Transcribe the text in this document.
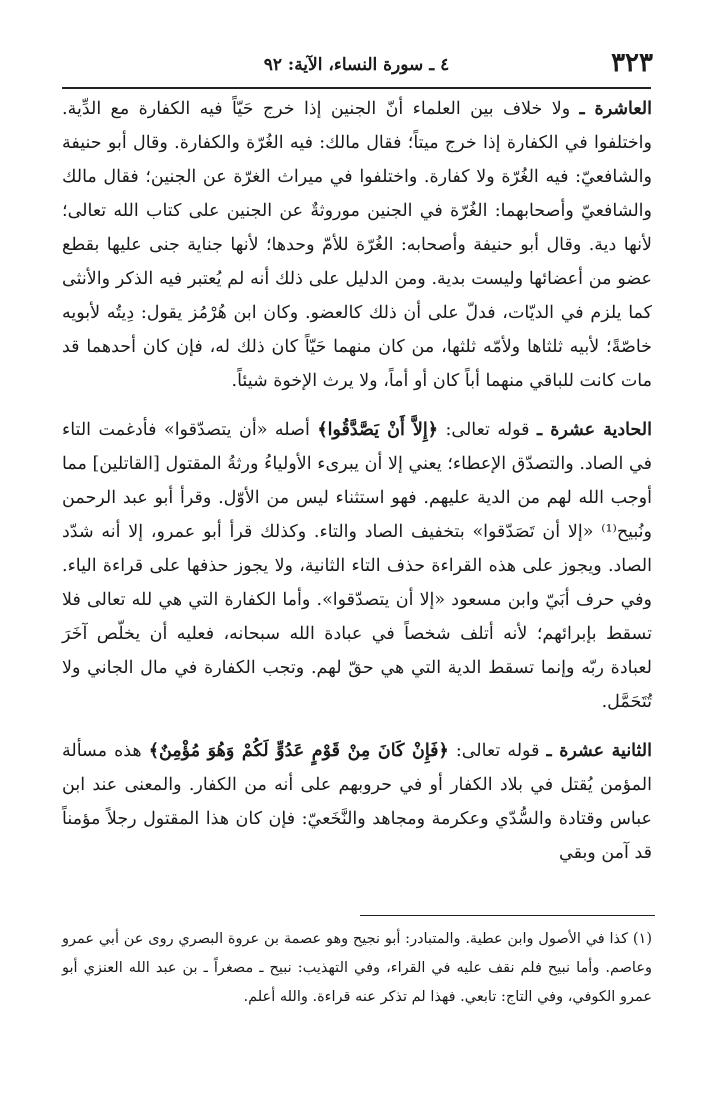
٣٢٣
٤ ـ سورة النساء، الآية: ٩٢

العاشرة ـ ولا خلاف بين العلماء أنّ الجنين إذا خرج حَيّاً فيه الكفارة مع الدِّية. واختلفوا في الكفارة إذا خرج ميتاً؛ فقال مالك: فيه الغُرّة والكفارة. وقال أبو حنيفة والشافعيّ: فيه الغُرّة ولا كفارة. واختلفوا في ميراث الغرّة عن الجنين؛ فقال مالك والشافعيّ وأصحابهما: الغُرّة في الجنين موروثةٌ عن الجنين على كتاب الله تعالى؛ لأنها دية. وقال أبو حنيفة وأصحابه: الغُرّة للأمّ وحدها؛ لأنها جناية جنى عليها بقطع عضو من أعضائها وليست بدية. ومن الدليل على ذلك أنه لم يُعتبر فيه الذكر والأنثى كما يلزم في الديّات، فدلّ على أن ذلك كالعضو. وكان ابن هُرْمُز يقول: دِيتُه لأبويه خاصّةً؛ لأبيه ثلثاها ولأمّه ثلثها، من كان منهما حَيّاً كان ذلك له، فإن كان أحدهما قد مات كانت للباقي منهما أباً كان أو أماً، ولا يرث الإخوة شيئاً.

الحادية عشرة ـ قوله تعالى: ﴿إِلاَّ أَنْ يَصَّدَّقُوا﴾ أصله «أن يتصدّقوا» فأدغمت التاء في الصاد. والتصدّق الإعطاء؛ يعني إلا أن يبرىء الأولياءُ ورثةُ المقتول [القاتلين] مما أوجب الله لهم من الدية عليهم. فهو استثناء ليس من الأوّل. وقرأ أبو عبد الرحمن ونُبيح⁽¹⁾ «إلا أن تَصَدّقوا» بتخفيف الصاد والتاء. وكذلك قرأ أبو عمرو، إلا أنه شدّد الصاد. ويجوز على هذه القراءة حذف التاء الثانية، ولا يجوز حذفها على قراءة الياء. وفي حرف أبَيّ وابن مسعود «إلا أن يتصدّقوا». وأما الكفارة التي هي لله تعالى فلا تسقط بإبرائهم؛ لأنه أتلف شخصاً في عبادة الله سبحانه، فعليه أن يخلّص آخَرَ لعبادة ربّه وإنما تسقط الدية التي هي حقّ لهم. وتجب الكفارة في مال الجاني ولا تُتَحَمَّل.

الثانية عشرة ـ قوله تعالى: ﴿فَإِنْ كَانَ مِنْ قَوْمٍ عَدُوٍّ لَكُمْ وَهُوَ مُؤْمِنٌ﴾ هذه مسألة المؤمن يُقتل في بلاد الكفار أو في حروبهم على أنه من الكفار. والمعنى عند ابن عباس وقتادة والسُّدّي وعكرمة ومجاهد والنَّخَعيّ: فإن كان هذا المقتول رجلاً مؤمناً قد آمن وبقي

(١) كذا في الأصول وابن عطية. والمتبادر: أبو نجيح وهو عصمة بن عروة البصري روى عن أبي عمرو وعاصم. وأما نبيح فلم نقف عليه في القراء، وفي التهذيب: نبيح ـ مصغراً ـ بن عبد الله العنزي أبو عمرو الكوفي، وفي التاج: تابعي. فهذا لم تذكر عنه قراءة. والله أعلم.
